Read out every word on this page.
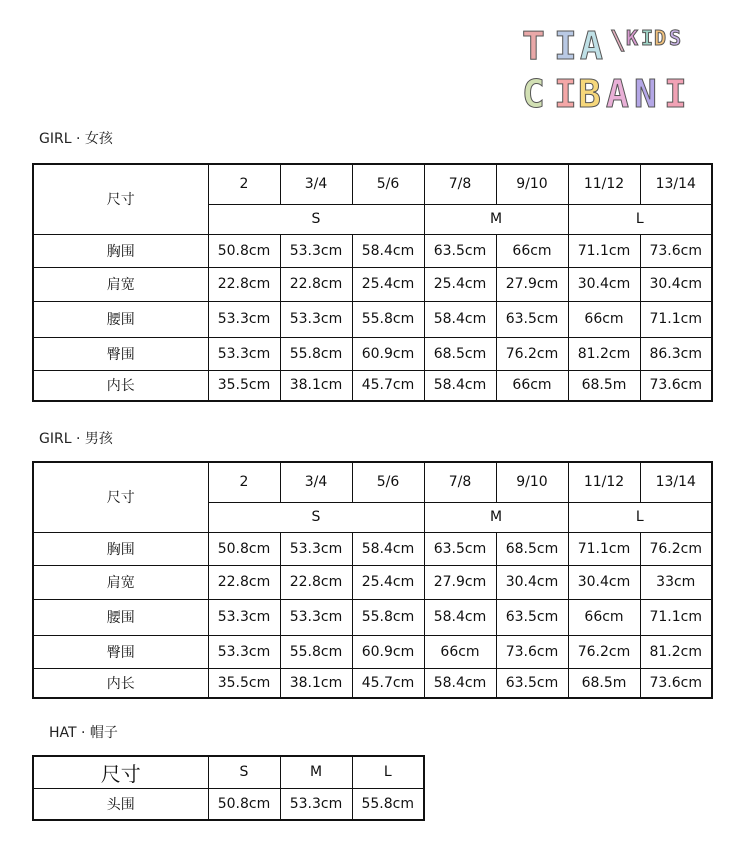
T I A \ K I D S
C I B A N I
GIRL · 女孩
尺寸	2	3/4	5/6	7/8	9/10	11/12	13/14
	S			M		L	
胸围	50.8cm	53.3cm	58.4cm	63.5cm	66cm	71.1cm	73.6cm
肩宽	22.8cm	22.8cm	25.4cm	25.4cm	27.9cm	30.4cm	30.4cm
腰围	53.3cm	53.3cm	55.8cm	58.4cm	63.5cm	66cm	71.1cm
臀围	53.3cm	55.8cm	60.9cm	68.5cm	76.2cm	81.2cm	86.3cm
内长	35.5cm	38.1cm	45.7cm	58.4cm	66cm	68.5m	73.6cm
GIRL · 男孩
尺寸	2	3/4	5/6	7/8	9/10	11/12	13/14
	S			M		L	
胸围	50.8cm	53.3cm	58.4cm	63.5cm	68.5cm	71.1cm	76.2cm
肩宽	22.8cm	22.8cm	25.4cm	27.9cm	30.4cm	30.4cm	33cm
腰围	53.3cm	53.3cm	55.8cm	58.4cm	63.5cm	66cm	71.1cm
臀围	53.3cm	55.8cm	60.9cm	66cm	73.6cm	76.2cm	81.2cm
内长	35.5cm	38.1cm	45.7cm	58.4cm	63.5cm	68.5m	73.6cm
HAT · 帽子
尺寸	S	M	L
头围	50.8cm	53.3cm	55.8cm
